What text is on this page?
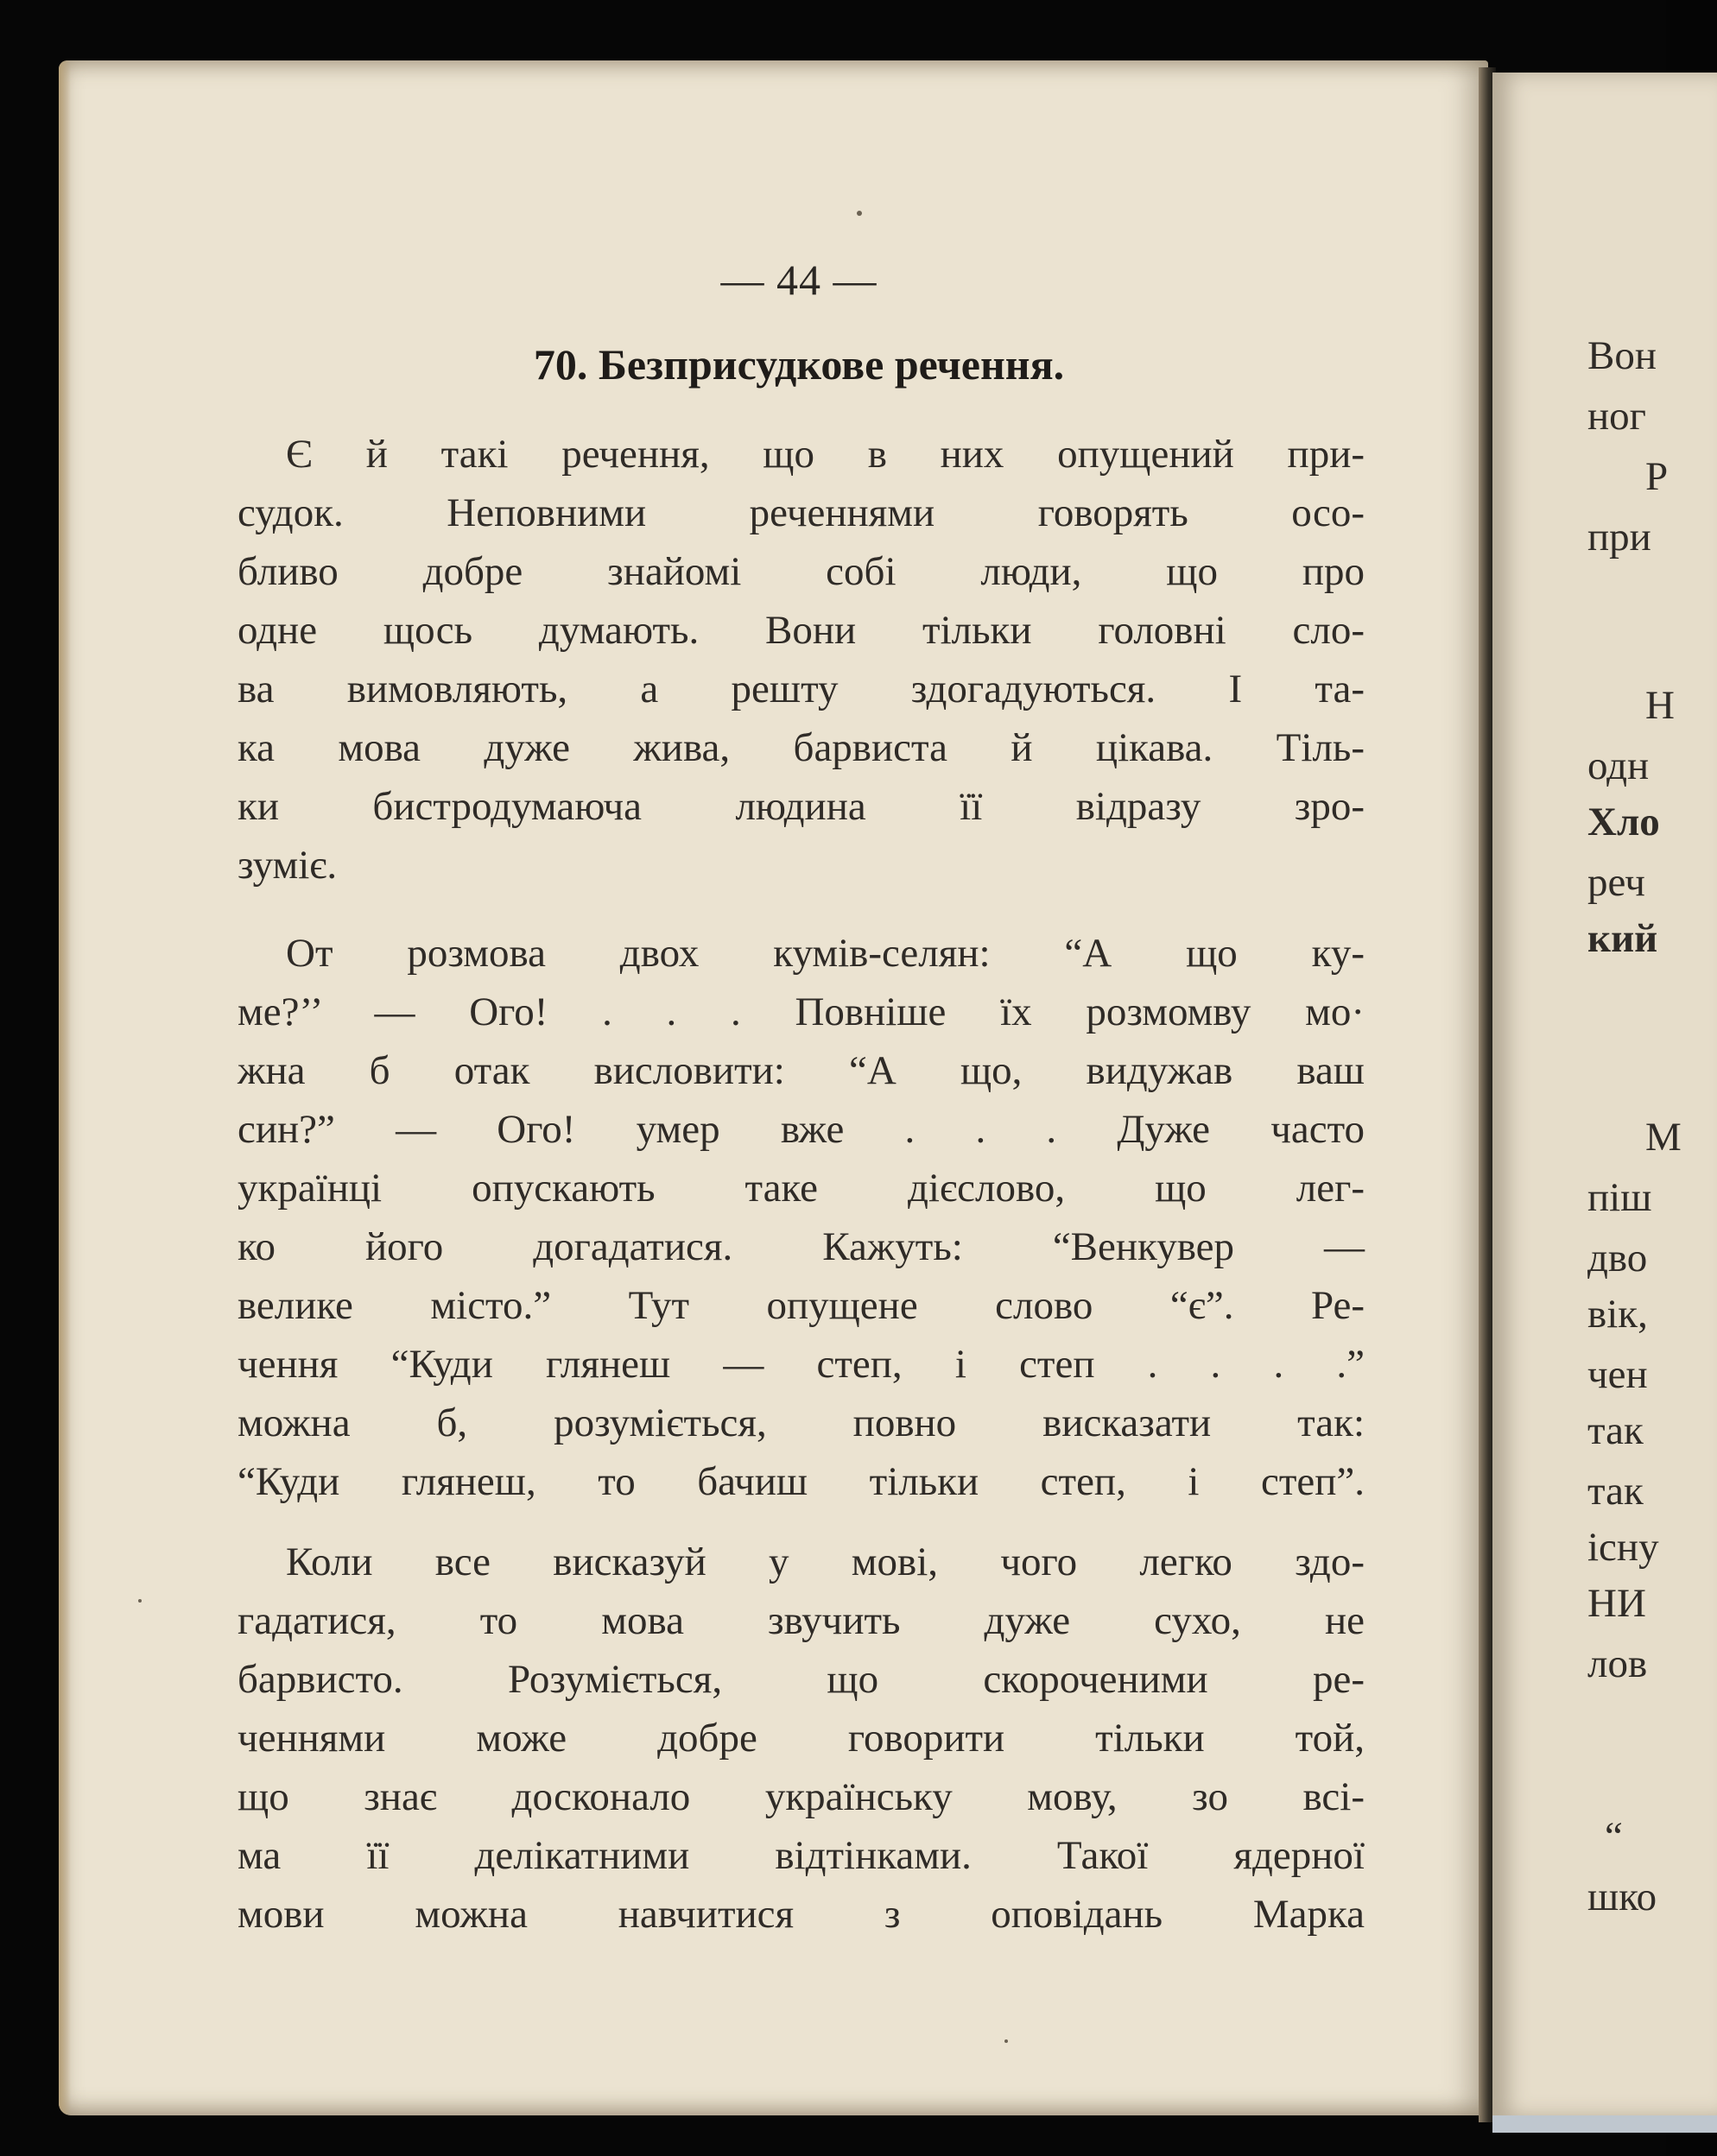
— 44 —
70. Безприсудкове речення.
Є й такі речення, що в них опущений при-
судок. Неповними реченнями говорять осо-
бливо добре знайомі собі люди, що про
одне щось думають. Вони тільки головні сло-
ва вимовляють, а решту здогадуються. І та-
ка мова дуже жива, барвиста й цікава. Тіль-
ки бистродумаюча людина її відразу зро-
зуміє.
От розмова двох кумів-селян: “А що ку-
ме?’’ — Ого! . . . Повніше їх розмомву мо·
жна б отак висловити: “А що, видужав ваш
син?” — Ого! умер вже . . . Дуже часто
українці опускають таке дієслово, що лег-
ко його догадатися. Кажуть: “Венкувер —
велике місто.” Тут опущене слово “є”. Ре-
чення “Куди глянеш — степ, і степ . . . .”
можна б, розуміється, повно висказати так:
“Куди глянеш, то бачиш тільки степ, і степ”.
Коли все висказуй у мові, чого легко здо-
гадатися, то мова звучить дуже сухо, не
барвисто. Розуміється, що скороченими ре-
ченнями може добре говорити тільки той,
що знає досконало українську мову, зо всі-
ма її делікатними відтінками. Такої ядерної
мови можна навчитися з оповідань Марка
Вон
ног
Р
при
Н
одн
Хло
реч
кий
М
піш
дво
вік,
чен
так
так
існу
НИ
лов
“
шко
